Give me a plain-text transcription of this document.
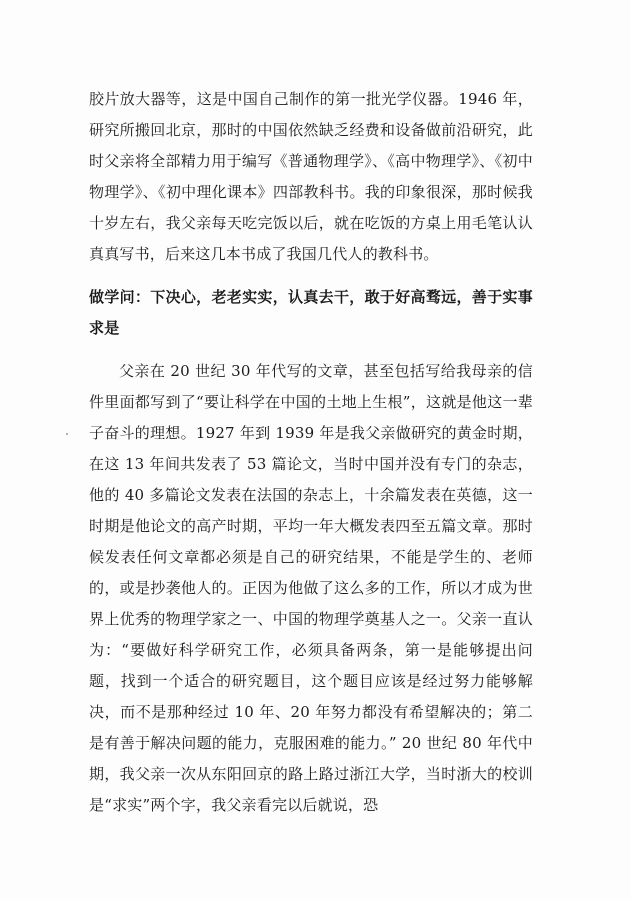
胶片放大器等，这是中国自己制作的第一批光学仪器。1946 年，研究所搬回北京，那时的中国依然缺乏经费和设备做前沿研究，此时父亲将全部精力用于编写《普通物理学》、《高中物理学》、《初中物理学》、《初中理化课本》四部教科书。我的印象很深，那时候我十岁左右，我父亲每天吃完饭以后，就在吃饭的方桌上用毛笔认认真真写书，后来这几本书成了我国几代人的教科书。

做学问：下决心，老老实实，认真去干，敢于好高骛远，善于实事求是

父亲在 20 世纪 30 年代写的文章，甚至包括写给我母亲的信件里面都写到了“要让科学在中国的土地上生根”，这就是他这一辈子奋斗的理想。1927 年到 1939 年是我父亲做研究的黄金时期，在这 13 年间共发表了 53 篇论文，当时中国并没有专门的杂志，他的 40 多篇论文发表在法国的杂志上，十余篇发表在英德，这一时期是他论文的高产时期，平均一年大概发表四至五篇文章。那时候发表任何文章都必须是自己的研究结果，不能是学生的、老师的，或是抄袭他人的。正因为他做了这么多的工作，所以才成为世界上优秀的物理学家之一、中国的物理学奠基人之一。父亲一直认为：“要做好科学研究工作，必须具备两条，第一是能够提出问题，找到一个适合的研究题目，这个题目应该是经过努力能够解决，而不是那种经过 10 年、20 年努力都没有希望解决的；第二是有善于解决问题的能力，克服困难的能力。” 20 世纪 80 年代中期，我父亲一次从东阳回京的路上路过浙江大学，当时浙大的校训是“求实”两个字，我父亲看完以后就说，恐
